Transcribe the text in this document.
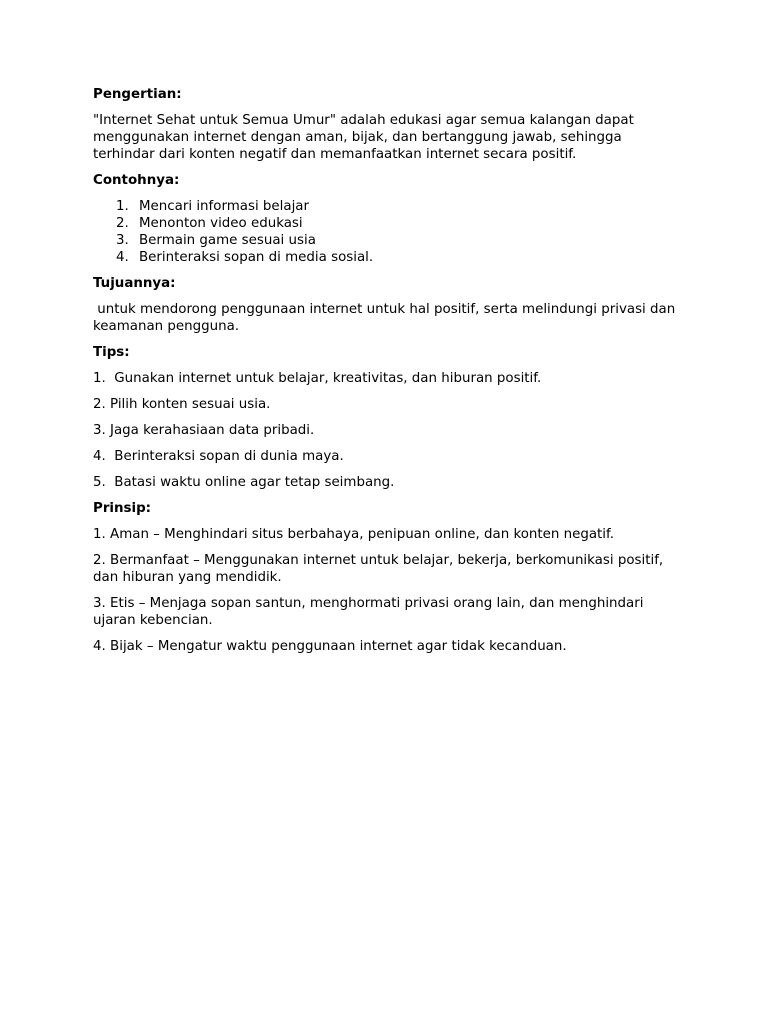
Pengertian:
"Internet Sehat untuk Semua Umur" adalah edukasi agar semua kalangan dapat menggunakan internet dengan aman, bijak, dan bertanggung jawab, sehingga terhindar dari konten negatif dan memanfaatkan internet secara positif.
Contohnya:
1. Mencari informasi belajar
2. Menonton video edukasi
3. Bermain game sesuai usia
4. Berinteraksi sopan di media sosial.
Tujuannya:
untuk mendorong penggunaan internet untuk hal positif, serta melindungi privasi dan keamanan pengguna.
Tips:
1.  Gunakan internet untuk belajar, kreativitas, dan hiburan positif.
2. Pilih konten sesuai usia.
3. Jaga kerahasiaan data pribadi.
4.  Berinteraksi sopan di dunia maya.
5.  Batasi waktu online agar tetap seimbang.
Prinsip:
1. Aman – Menghindari situs berbahaya, penipuan online, dan konten negatif.
2. Bermanfaat – Menggunakan internet untuk belajar, bekerja, berkomunikasi positif, dan hiburan yang mendidik.
3. Etis – Menjaga sopan santun, menghormati privasi orang lain, dan menghindari ujaran kebencian.
4. Bijak – Mengatur waktu penggunaan internet agar tidak kecanduan.
